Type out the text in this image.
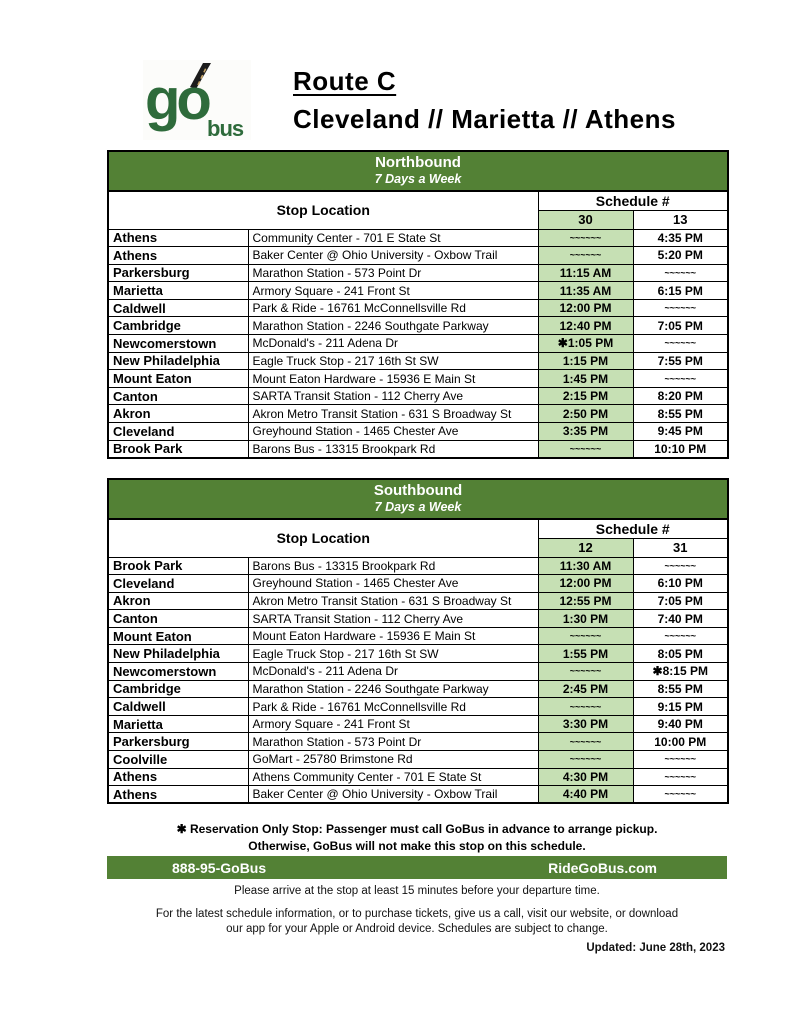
go bus
Route C
Cleveland // Marietta // Athens
Northbound
7 Days a Week			

Stop Location		Schedule #	
		30	13
Athens	Community Center - 701 E State St	~~~~~~	4:35 PM
Athens	Baker Center @ Ohio University - Oxbow Trail	~~~~~~	5:20 PM
Parkersburg	Marathon Station - 573 Point Dr	11:15 AM	~~~~~~
Marietta	Armory Square - 241 Front St	11:35 AM	6:15 PM
Caldwell	Park & Ride - 16761 McConnellsville Rd	12:00 PM	~~~~~~
Cambridge	Marathon Station - 2246 Southgate Parkway	12:40 PM	7:05 PM
Newcomerstown	McDonald's - 211 Adena Dr	✱1:05 PM	~~~~~~
New Philadelphia	Eagle Truck Stop - 217 16th St SW	1:15 PM	7:55 PM
Mount Eaton	Mount Eaton Hardware - 15936 E Main St	1:45 PM	~~~~~~
Canton	SARTA Transit Station - 112 Cherry Ave	2:15 PM	8:20 PM
Akron	Akron Metro Transit Station - 631 S Broadway St	2:50 PM	8:55 PM
Cleveland	Greyhound Station - 1465 Chester Ave	3:35 PM	9:45 PM
Brook Park	Barons Bus - 13315 Brookpark Rd	~~~~~~	10:10 PM
Southbound
7 Days a Week			

Stop Location		Schedule #	
		12	31
Brook Park	Barons Bus - 13315 Brookpark Rd	11:30 AM	~~~~~~
Cleveland	Greyhound Station - 1465 Chester Ave	12:00 PM	6:10 PM
Akron	Akron Metro Transit Station - 631 S Broadway St	12:55 PM	7:05 PM
Canton	SARTA Transit Station - 112 Cherry Ave	1:30 PM	7:40 PM
Mount Eaton	Mount Eaton Hardware - 15936 E Main St	~~~~~~	~~~~~~
New Philadelphia	Eagle Truck Stop - 217 16th St SW	1:55 PM	8:05 PM
Newcomerstown	McDonald's - 211 Adena Dr	~~~~~~	✱8:15 PM
Cambridge	Marathon Station - 2246 Southgate Parkway	2:45 PM	8:55 PM
Caldwell	Park & Ride - 16761 McConnellsville Rd	~~~~~~	9:15 PM
Marietta	Armory Square - 241 Front St	3:30 PM	9:40 PM
Parkersburg	Marathon Station - 573 Point Dr	~~~~~~	10:00 PM
Coolville	GoMart - 25780 Brimstone Rd	~~~~~~	~~~~~~
Athens	Athens Community Center - 701 E State St	4:30 PM	~~~~~~
Athens	Baker Center @ Ohio University - Oxbow Trail	4:40 PM	~~~~~~
✱ Reservation Only Stop: Passenger must call GoBus in advance to arrange pickup.
Otherwise, GoBus will not make this stop on this schedule.
888-95-GoBus	RideGoBus.com
Please arrive at the stop at least 15 minutes before your departure time.
For the latest schedule information, or to purchase tickets, give us a call, visit our website, or download
our app for your Apple or Android device. Schedules are subject to change.
Updated: June 28th, 2023
